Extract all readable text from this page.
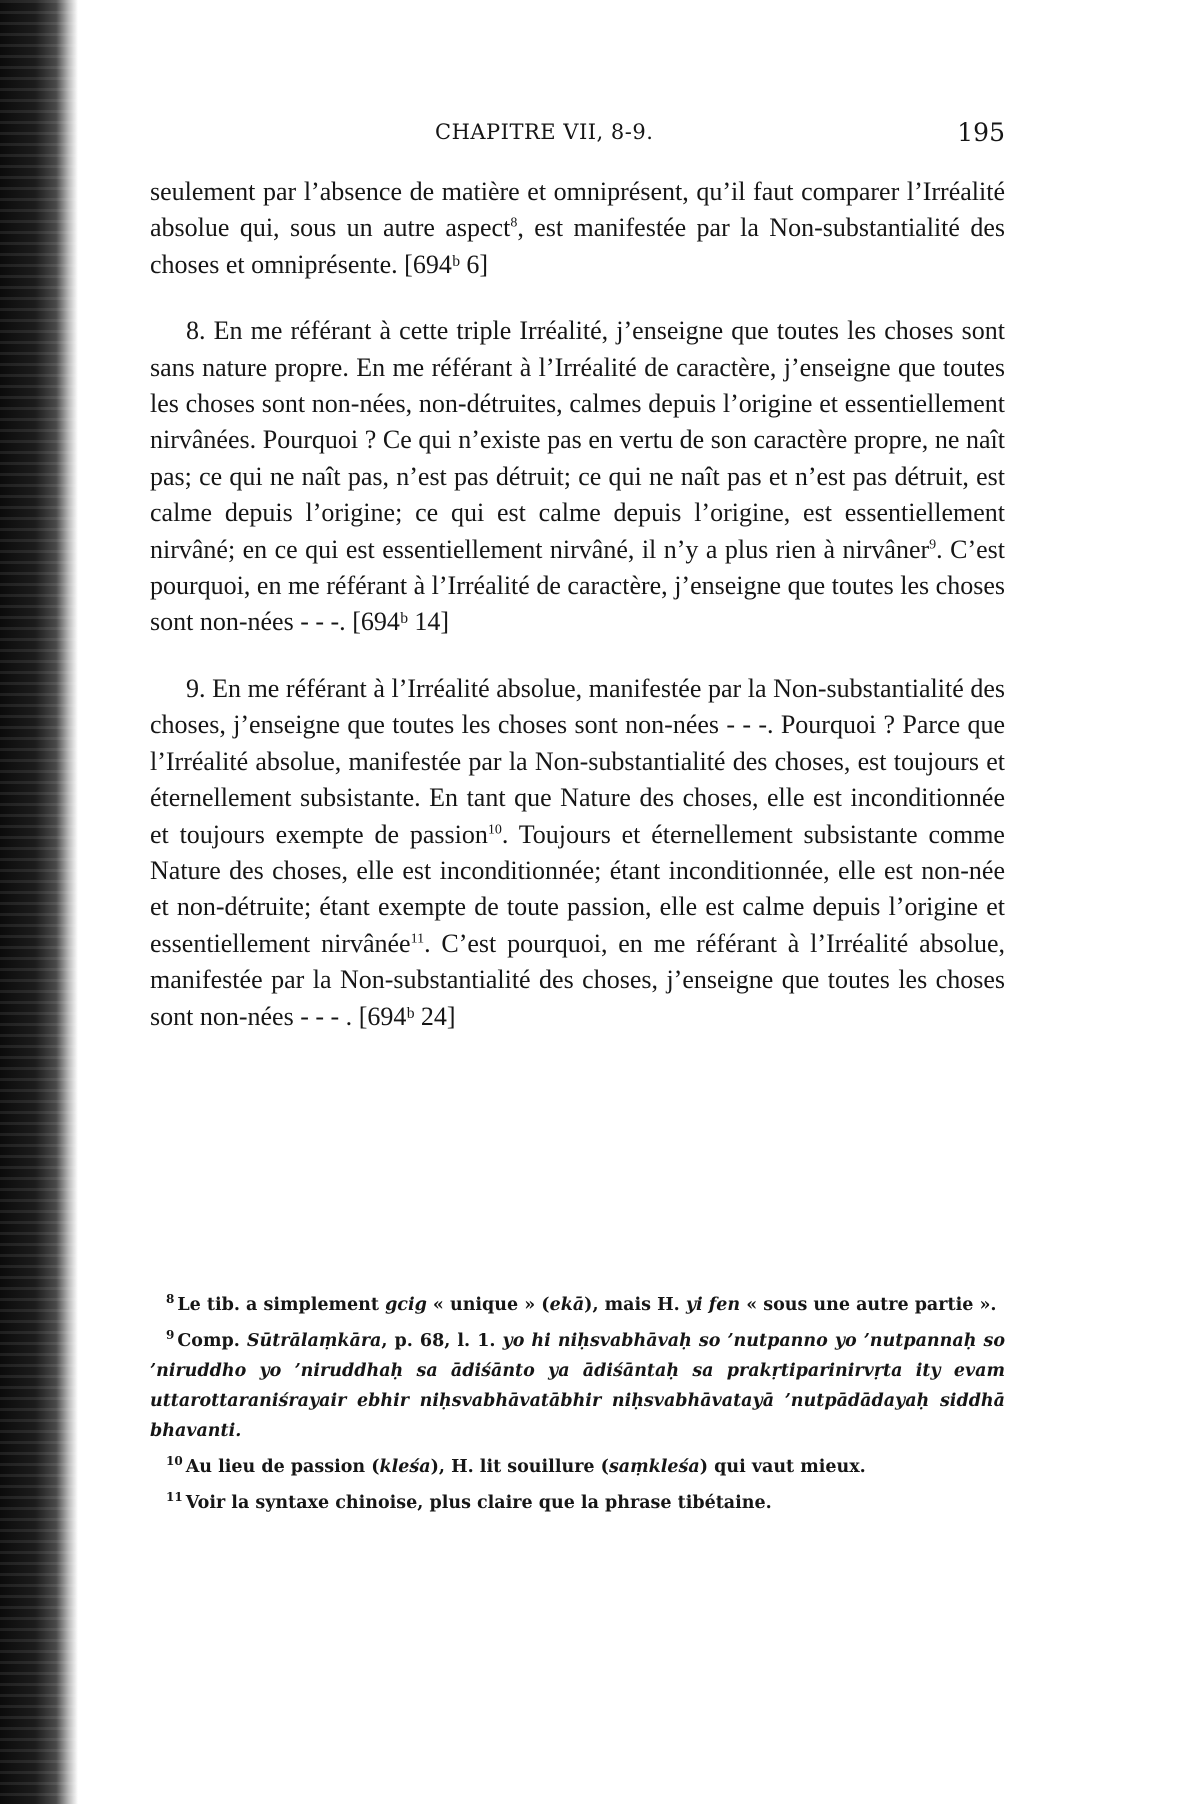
CHAPITRE VII, 8-9.	195

seulement par l’absence de matière et omniprésent, qu’il faut comparer l’Irréalité absolue qui, sous un autre aspect$^8$, est manifestée par la Non-substantialité des choses et omniprésente. [694ᵇ 6]

8. En me référant à cette triple Irréalité, j’enseigne que toutes les choses sont sans nature propre. En me référant à l’Irréalité de caractère, j’enseigne que toutes les choses sont non-nées, non-détruites, calmes depuis l’origine et essentiellement nirvânées. Pourquoi ? Ce qui n’existe pas en vertu de son caractère propre, ne naît pas; ce qui ne naît pas, n’est pas détruit; ce qui ne naît pas et n’est pas détruit, est calme depuis l’origine; ce qui est calme depuis l’origine, est essentiellement nirvâné; en ce qui est essentiellement nirvâné, il n’y a plus rien à nirvâner$^9$. C’est pourquoi, en me référant à l’Irréalité de caractère, j’enseigne que toutes les choses sont non-nées - - -. [694ᵇ 14]

9. En me référant à l’Irréalité absolue, manifestée par la Non-substantialité des choses, j’enseigne que toutes les choses sont non-nées - - -. Pourquoi ? Parce que l’Irréalité absolue, manifestée par la Non-substantialité des choses, est toujours et éternellement subsistante. En tant que Nature des choses, elle est inconditionnée et toujours exempte de passion$^{10}$. Toujours et éternellement subsistante comme Nature des choses, elle est inconditionnée; étant inconditionnée, elle est non-née et non-détruite; étant exempte de toute passion, elle est calme depuis l’origine et essentiellement nirvânée$^{11}$. C’est pourquoi, en me référant à l’Irréalité absolue, manifestée par la Non-substantialité des choses, j’enseigne que toutes les choses sont non-nées - - - . [694ᵇ 24]

$^8$ Le tib. a simplement gcig « unique » (ekā), mais H. yi fen « sous une autre partie ».

$^9$ Comp. Sūtrālaṃkāra, p. 68, l. 1. yo hi niḥsvabhāvaḥ so ’nutpanno yo ’nutpannaḥ so ’niruddho yo ’niruddhaḥ sa ādiśānto ya ādiśāntaḥ sa prakṛtiparinirvṛta ity evam uttarottaraniśrayair ebhir niḥsvabhāvatābhir niḥsvabhāvatayā ’nutpādādayaḥ siddhā bhavanti.

$^{10}$ Au lieu de passion (kleśa), H. lit souillure (saṃkleśa) qui vaut mieux.

$^{11}$ Voir la syntaxe chinoise, plus claire que la phrase tibétaine.
